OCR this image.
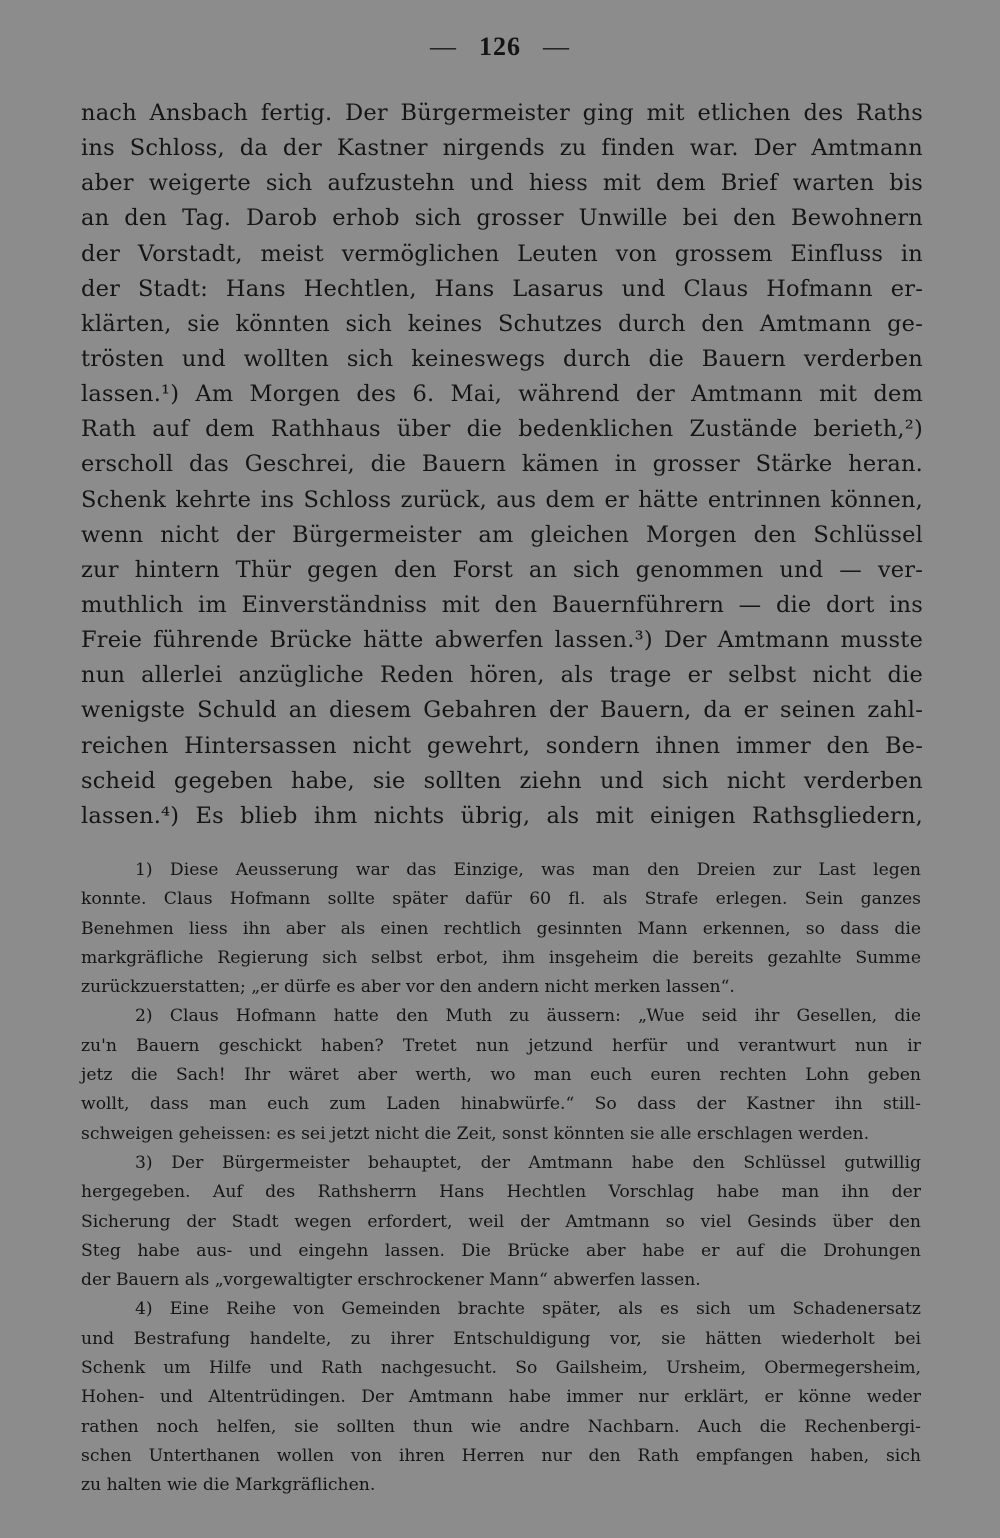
— 126 —
nach Ansbach fertig. Der Bürgermeister ging mit etlichen des Raths
ins Schloss, da der Kastner nirgends zu finden war. Der Amtmann
aber weigerte sich aufzustehn und hiess mit dem Brief warten bis
an den Tag. Darob erhob sich grosser Unwille bei den Bewohnern
der Vorstadt, meist vermöglichen Leuten von grossem Einfluss in
der Stadt: Hans Hechtlen, Hans Lasarus und Claus Hofmann er-
klärten, sie könnten sich keines Schutzes durch den Amtmann ge-
trösten und wollten sich keineswegs durch die Bauern verderben
lassen.¹) Am Morgen des 6. Mai, während der Amtmann mit dem
Rath auf dem Rathhaus über die bedenklichen Zustände berieth,²)
erscholl das Geschrei, die Bauern kämen in grosser Stärke heran.
Schenk kehrte ins Schloss zurück, aus dem er hätte entrinnen können,
wenn nicht der Bürgermeister am gleichen Morgen den Schlüssel
zur hintern Thür gegen den Forst an sich genommen und — ver-
muthlich im Einverständniss mit den Bauernführern — die dort ins
Freie führende Brücke hätte abwerfen lassen.³) Der Amtmann musste
nun allerlei anzügliche Reden hören, als trage er selbst nicht die
wenigste Schuld an diesem Gebahren der Bauern, da er seinen zahl-
reichen Hintersassen nicht gewehrt, sondern ihnen immer den Be-
scheid gegeben habe, sie sollten ziehn und sich nicht verderben
lassen.⁴) Es blieb ihm nichts übrig, als mit einigen Rathsgliedern,
1) Diese Aeusserung war das Einzige, was man den Dreien zur Last legen
konnte. Claus Hofmann sollte später dafür 60 fl. als Strafe erlegen. Sein ganzes
Benehmen liess ihn aber als einen rechtlich gesinnten Mann erkennen, so dass die
markgräfliche Regierung sich selbst erbot, ihm insgeheim die bereits gezahlte Summe
zurückzuerstatten; „er dürfe es aber vor den andern nicht merken lassen“.
2) Claus Hofmann hatte den Muth zu äussern: „Wue seid ihr Gesellen, die
zu'n Bauern geschickt haben? Tretet nun jetzund herfür und verantwurt nun ir
jetz die Sach! Ihr wäret aber werth, wo man euch euren rechten Lohn geben
wollt, dass man euch zum Laden hinabwürfe.“ So dass der Kastner ihn still-
schweigen geheissen: es sei jetzt nicht die Zeit, sonst könnten sie alle erschlagen werden.
3) Der Bürgermeister behauptet, der Amtmann habe den Schlüssel gutwillig
hergegeben. Auf des Rathsherrn Hans Hechtlen Vorschlag habe man ihn der
Sicherung der Stadt wegen erfordert, weil der Amtmann so viel Gesinds über den
Steg habe aus- und eingehn lassen. Die Brücke aber habe er auf die Drohungen
der Bauern als „vorgewaltigter erschrockener Mann“ abwerfen lassen.
4) Eine Reihe von Gemeinden brachte später, als es sich um Schadenersatz
und Bestrafung handelte, zu ihrer Entschuldigung vor, sie hätten wiederholt bei
Schenk um Hilfe und Rath nachgesucht. So Gailsheim, Ursheim, Obermegersheim,
Hohen- und Altentrüdingen. Der Amtmann habe immer nur erklärt, er könne weder
rathen noch helfen, sie sollten thun wie andre Nachbarn. Auch die Rechenbergi-
schen Unterthanen wollen von ihren Herren nur den Rath empfangen haben, sich
zu halten wie die Markgräflichen.
